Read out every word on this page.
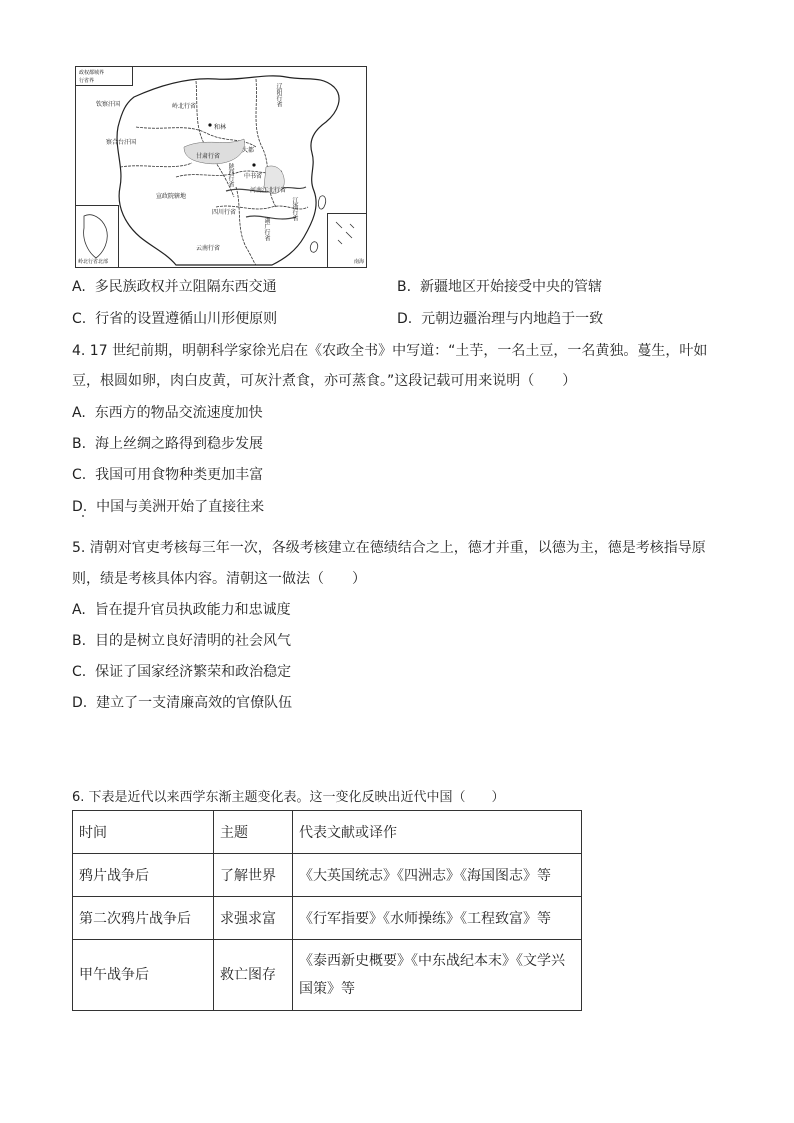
政权都城界
行省界
钦察汗国	岭北行省	辽阳行省
察合台汗国
和林
甘肃行省
大都
中书省
陕西行省
河南江北行省
宣政院辖地
四川行省	江浙行省
湖广行省
云南行省
岭北行省北部	南海
A. 多民族政权并立阻隔东西交通	B. 新疆地区开始接受中央的管辖
C. 行省的设置遵循山川形便原则	D. 元朝边疆治理与内地趋于一致
4. 17 世纪前期，明朝科学家徐光启在《农政全书》中写道：“土芋，一名土豆，一名黄独。蔓生，叶如
豆，根圆如卵，肉白皮黄，可灰汁煮食，亦可蒸食。”这段记载可用来说明（　　）
A. 东西方的物品交流速度加快
B. 海上丝绸之路得到稳步发展
C. 我国可用食物种类更加丰富
D. 中国与美洲开始了直接往来
5. 清朝对官吏考核每三年一次，各级考核建立在德绩结合之上，德才并重，以德为主，德是考核指导原
则，绩是考核具体内容。清朝这一做法（　　）
A. 旨在提升官员执政能力和忠诚度
B. 目的是树立良好清明的社会风气
C. 保证了国家经济繁荣和政治稳定
D. 建立了一支清廉高效的官僚队伍
6. 下表是近代以来西学东渐主题变化表。这一变化反映出近代中国（　　）
时间	主题	代表文献或译作
鸦片战争后	了解世界	《大英国统志》《四洲志》《海国图志》等
第二次鸦片战争后	求强求富	《行军指要》《水师操练》《工程致富》等
甲午战争后	救亡图存	《泰西新史概要》《中东战纪本末》《文学兴国策》等
